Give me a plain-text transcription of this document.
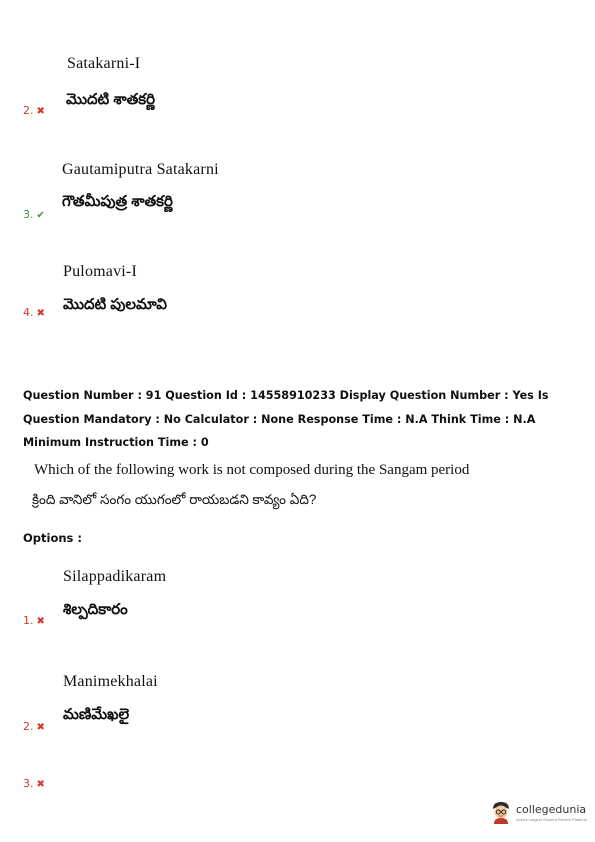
Satakarni-I
2. ✖
మొదటి శాతకర్ణి
Gautamiputra Satakarni
3. ✔
గౌతమీపుత్ర శాతకర్ణి
Pulomavi-I
4. ✖
మొదటి పులమావి
Question Number : 91 Question Id : 14558910233 Display Question Number : Yes Is Question Mandatory : No Calculator : None Response Time : N.A Think Time : N.A Minimum Instruction Time : 0
Which of the following work is not composed during the Sangam period
క్రింది వానిలో సంగం యుగంలో రాయబడని కావ్యం ఏది?
Options :
Silappadikaram
1. ✖
శిల్పదికారం
Manimekhalai
2. ✖
మణిమేఖలై
3. ✖
collegedunia
India's Largest Student Review Platform
